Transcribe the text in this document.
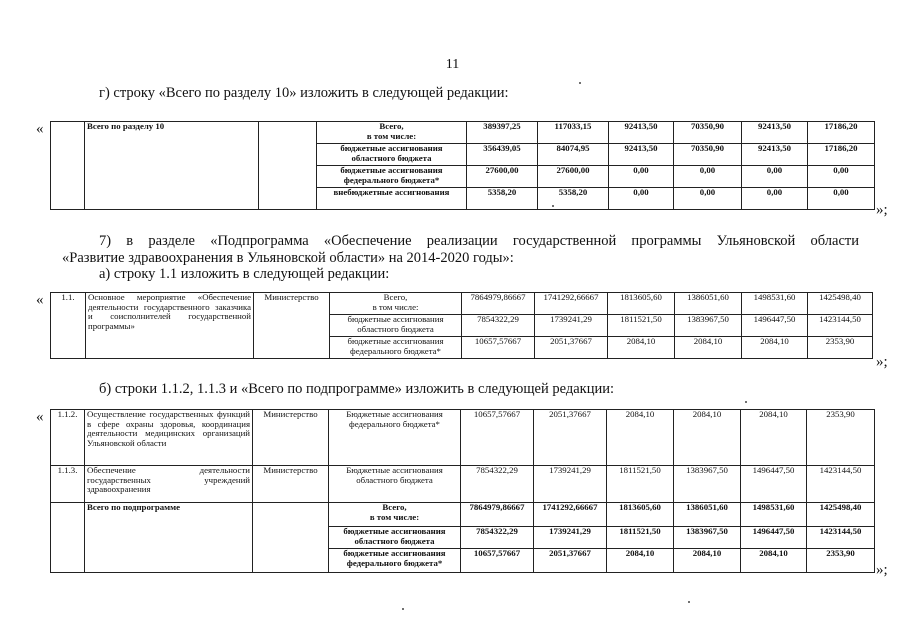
11
г) строку «Всего по разделу 10» изложить в следующей редакции:
«
		Всего по разделу 10		Всего,
в том числе:	389397,25	117033,15	92413,50	70350,90	92413,50	17186,20
			бюджетные ассигнования областного бюджета	356439,05	84074,95	92413,50	70350,90	92413,50	17186,20
			бюджетные ассигнования федерального бюджета*	27600,00	27600,00	0,00	0,00	0,00	0,00
			внебюджетные ассигнования	5358,20	5358,20	0,00	0,00	0,00	0,00
»;
7) в разделе «Подпрограмма «Обеспечение реализации государственной программы Ульяновской области
«Развитие здравоохранения в Ульяновской области» на 2014-2020 годы»:
а) строку 1.1 изложить в следующей редакции:
« 1.1.	Основное мероприятие «Обеспечение деятельности государственного заказчика и соисполнителей государственной программы»	Министерство	Всего,
в том числе:	7864979,86667	1741292,66667	1813605,60	1386051,60	1498531,60	1425498,40
			бюджетные ассигнования областного бюджета	7854322,29	1739241,29	1811521,50	1383967,50	1496447,50	1423144,50
			бюджетные ассигнования федерального бюджета*	10657,57667	2051,37667	2084,10	2084,10	2084,10	2353,90
»;
б) строки 1.1.2, 1.1.3 и «Всего по подпрограмме» изложить в следующей редакции:
« 1.1.2.	Осуществление государственных функций в сфере охраны здоровья, координация деятельности медицинских организаций Ульяновской области	Министерство	Бюджетные ассигнования федерального бюджета*	10657,57667	2051,37667	2084,10	2084,10	2084,10	2353,90
1.1.3.	Обеспечение деятельности государственных учреждений здравоохранения	Министерство	Бюджетные ассигнования областного бюджета	7854322,29	1739241,29	1811521,50	1383967,50	1496447,50	1423144,50
	Всего по подпрограмме		Всего,
в том числе:	7864979,86667	1741292,66667	1813605,60	1386051,60	1498531,60	1425498,40
			бюджетные ассигнования областного бюджета	7854322,29	1739241,29	1811521,50	1383967,50	1496447,50	1423144,50
			бюджетные ассигнования федерального бюджета*	10657,57667	2051,37667	2084,10	2084,10	2084,10	2353,90
»;
